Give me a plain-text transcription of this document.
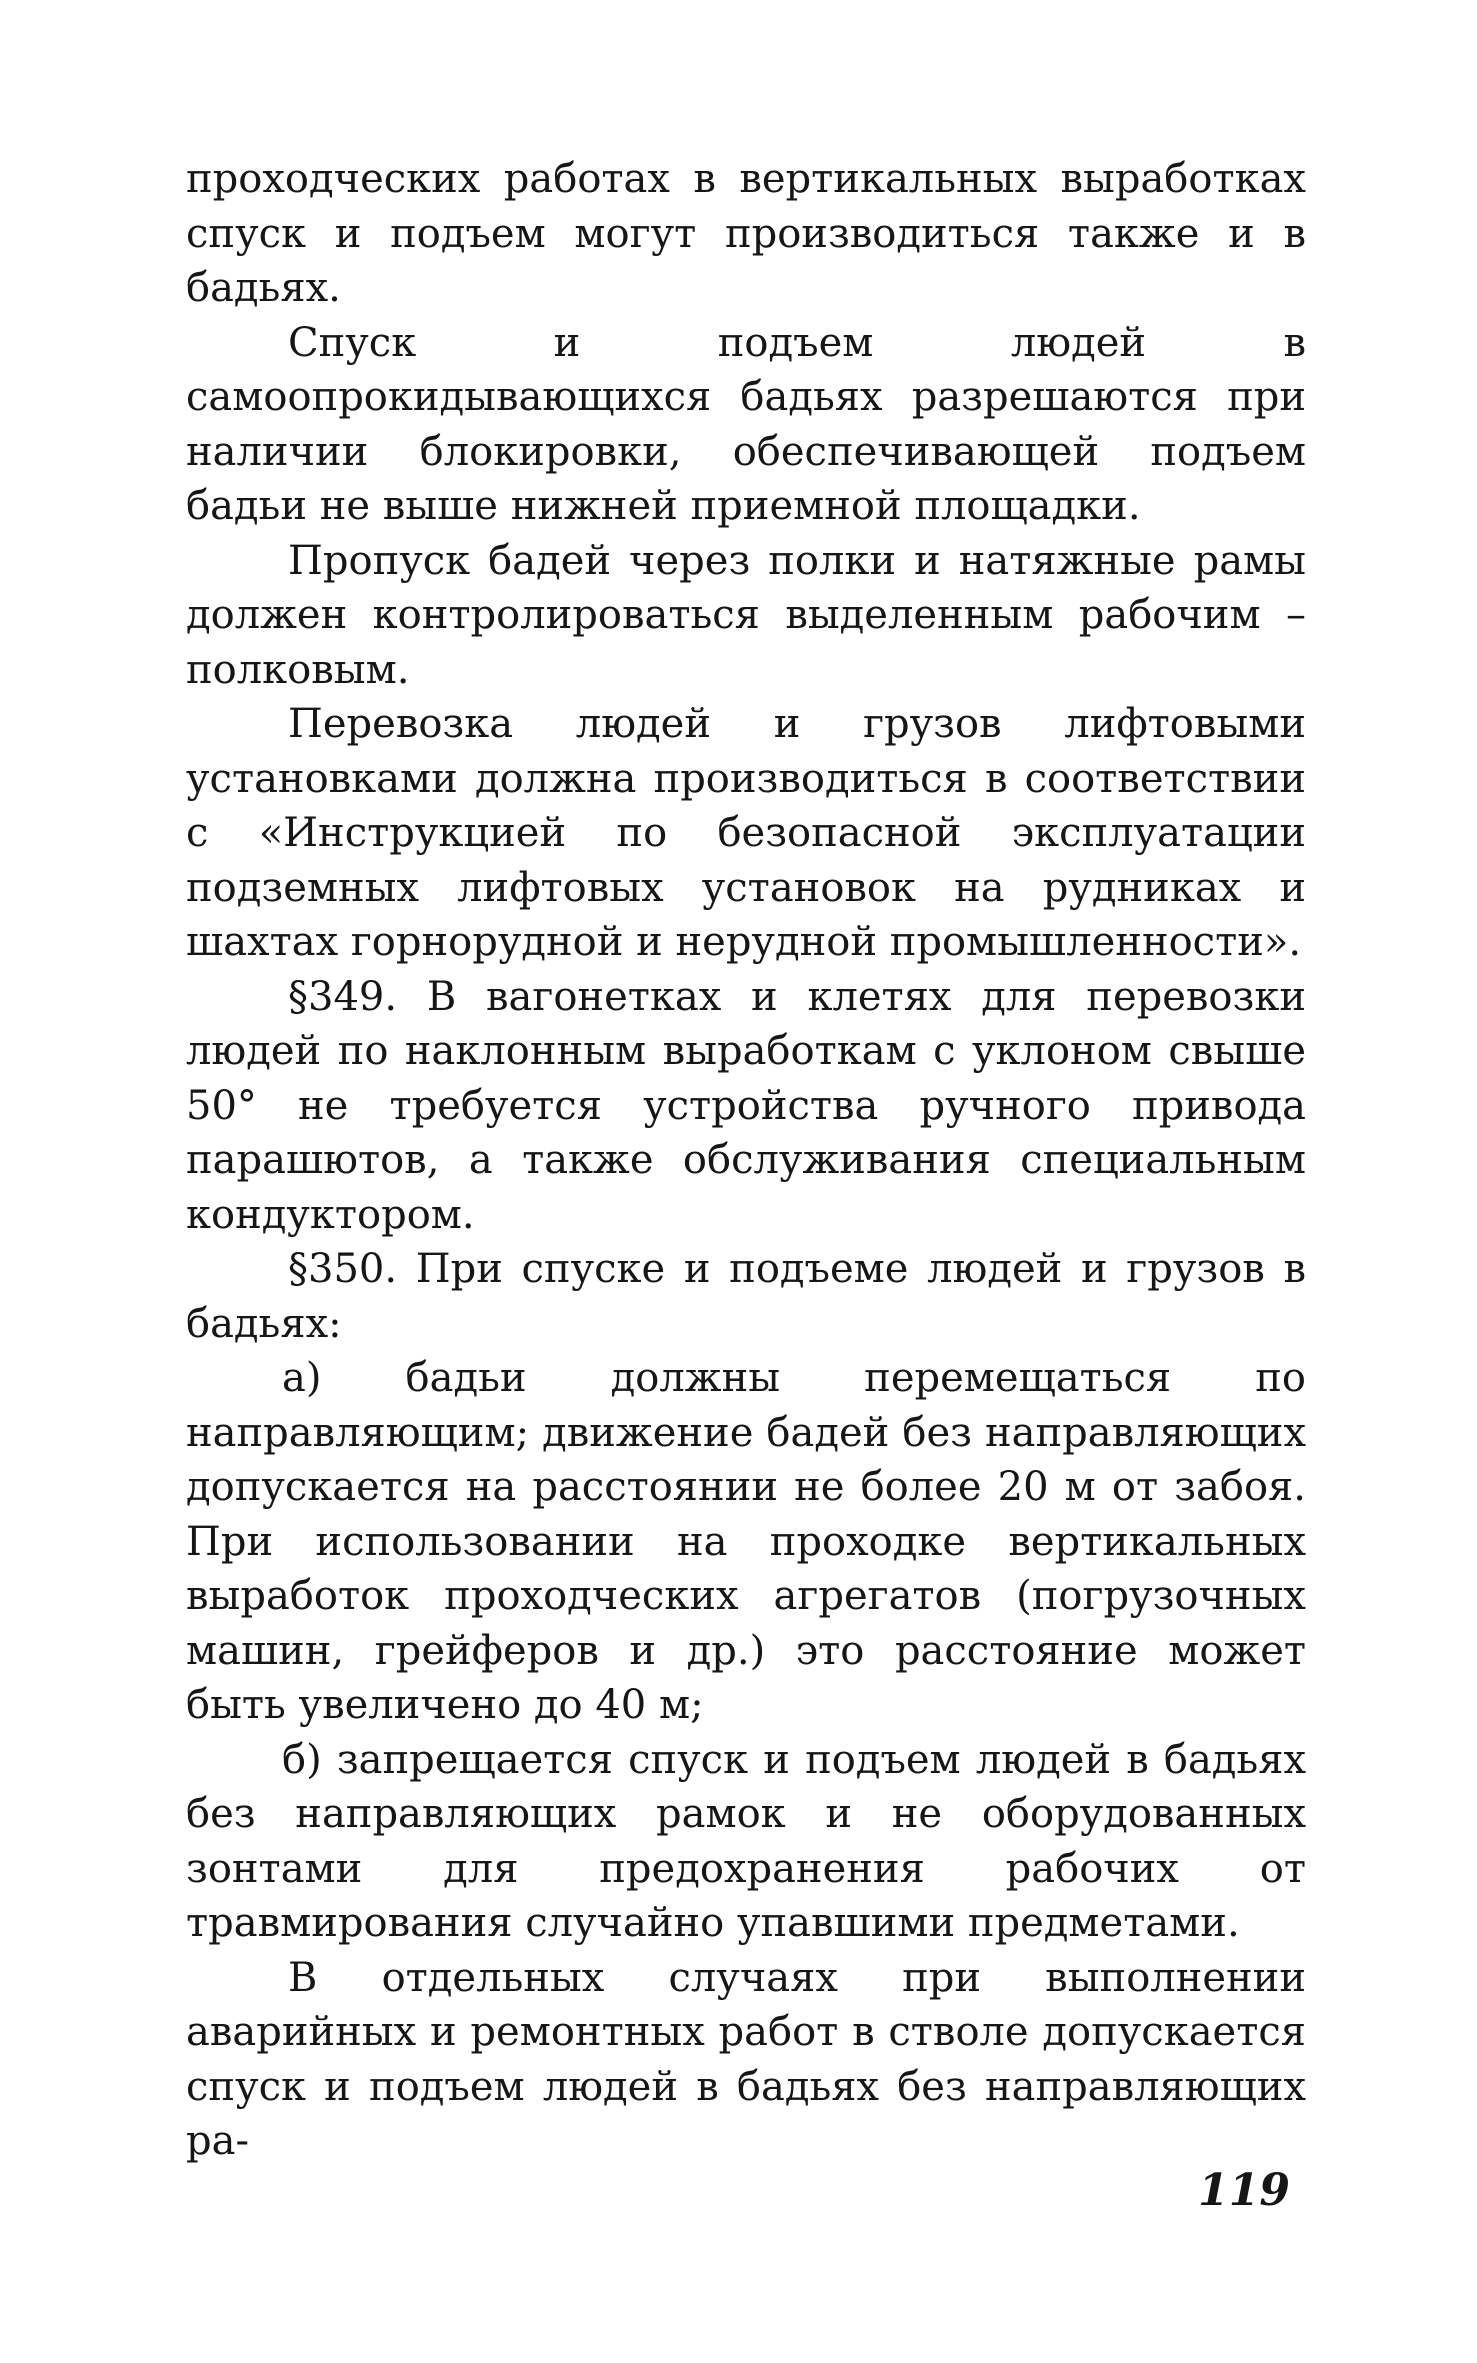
проходческих работах в вертикальных выработках спуск и подъем могут производиться также и в бадьях.

Спуск и подъем людей в самоопрокидывающихся бадьях разрешаются при наличии блокировки, обеспечивающей подъем бадьи не выше нижней приемной площадки.

Пропуск бадей через полки и натяжные рамы должен контролироваться выделенным рабочим – полковым.

Перевозка людей и грузов лифтовыми установками должна производиться в соответствии с «Инструкцией по безопасной эксплуатации подземных лифтовых установок на рудниках и шахтах горнорудной и нерудной промышленности».

§349. В вагонетках и клетях для перевозки людей по наклонным выработкам с уклоном свыше 50° не требуется устройства ручного привода парашютов, а также обслуживания специальным кондуктором.

§350. При спуске и подъеме людей и грузов в бадьях:

а) бадьи должны перемещаться по направляющим; движение бадей без направляющих допускается на расстоянии не более 20 м от забоя. При использовании на проходке вертикальных выработок проходческих агрегатов (погрузочных машин, грейферов и др.) это расстояние может быть увеличено до 40 м;

б) запрещается спуск и подъем людей в бадьях без направляющих рамок и не оборудованных зонтами для предохранения рабочих от травмирования случайно упавшими предметами.

В отдельных случаях при выполнении аварийных и ремонтных работ в стволе допускается спуск и подъем людей в бадьях без направляющих ра-

119
